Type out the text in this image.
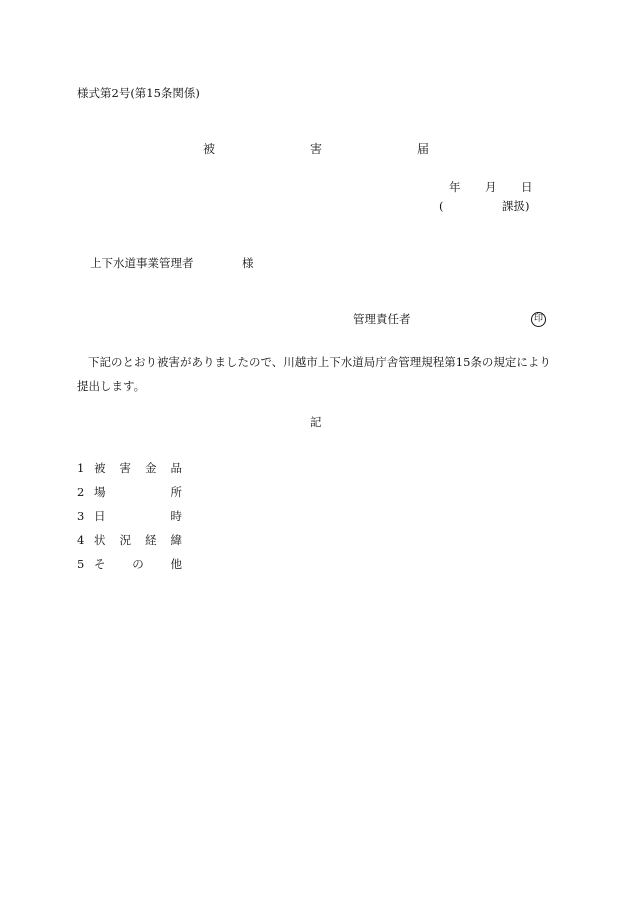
様式第2号(第15条関係)
被	害	届
年 月 日
(	課扱)
上下水道事業管理者	様
管理責任者	印
下記のとおり被害がありましたので、川越市上下水道局庁舎管理規程第15条の規定により提出します。
記
1 被 害 金 品
2 場	所
3 日	時
4 状 況 経 緯
5 そ の 他
